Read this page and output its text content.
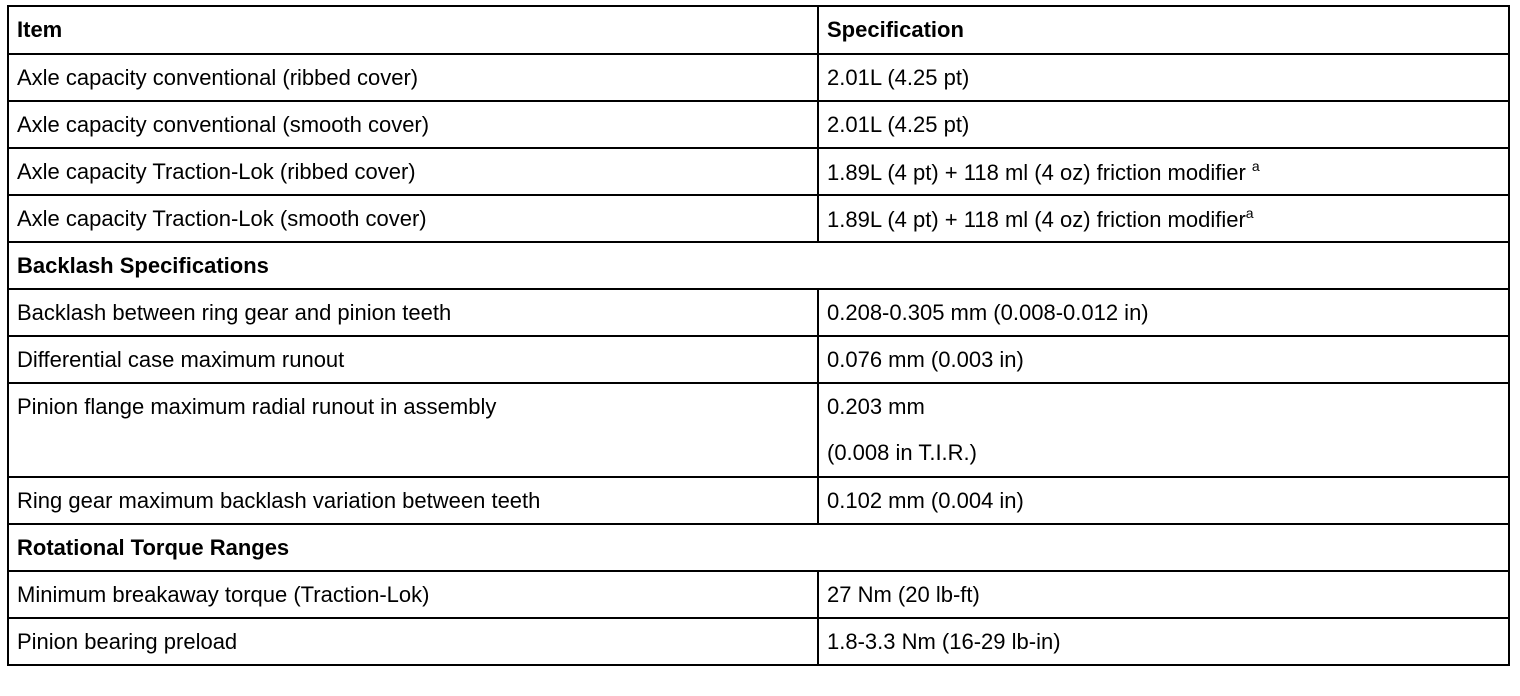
Item	Specification
Axle capacity conventional (ribbed cover)	2.01L (4.25 pt)
Axle capacity conventional (smooth cover)	2.01L (4.25 pt)
Axle capacity Traction-Lok (ribbed cover)	1.89L (4 pt) + 118 ml (4 oz) friction modifier $^a$
Axle capacity Traction-Lok (smooth cover)	1.89L (4 pt) + 118 ml (4 oz) friction modifier$^a$
Backlash Specifications	
Backlash between ring gear and pinion teeth	0.208-0.305 mm (0.008-0.012 in)
Differential case maximum runout	0.076 mm (0.003 in)

Pinion flange maximum radial runout in assembly	0.203 mm
(0.008 in T.I.R.)

Ring gear maximum backlash variation between teeth	0.102 mm (0.004 in)
Rotational Torque Ranges	
Minimum breakaway torque (Traction-Lok)	27 Nm (20 lb-ft)
Pinion bearing preload	1.8-3.3 Nm (16-29 lb-in)
